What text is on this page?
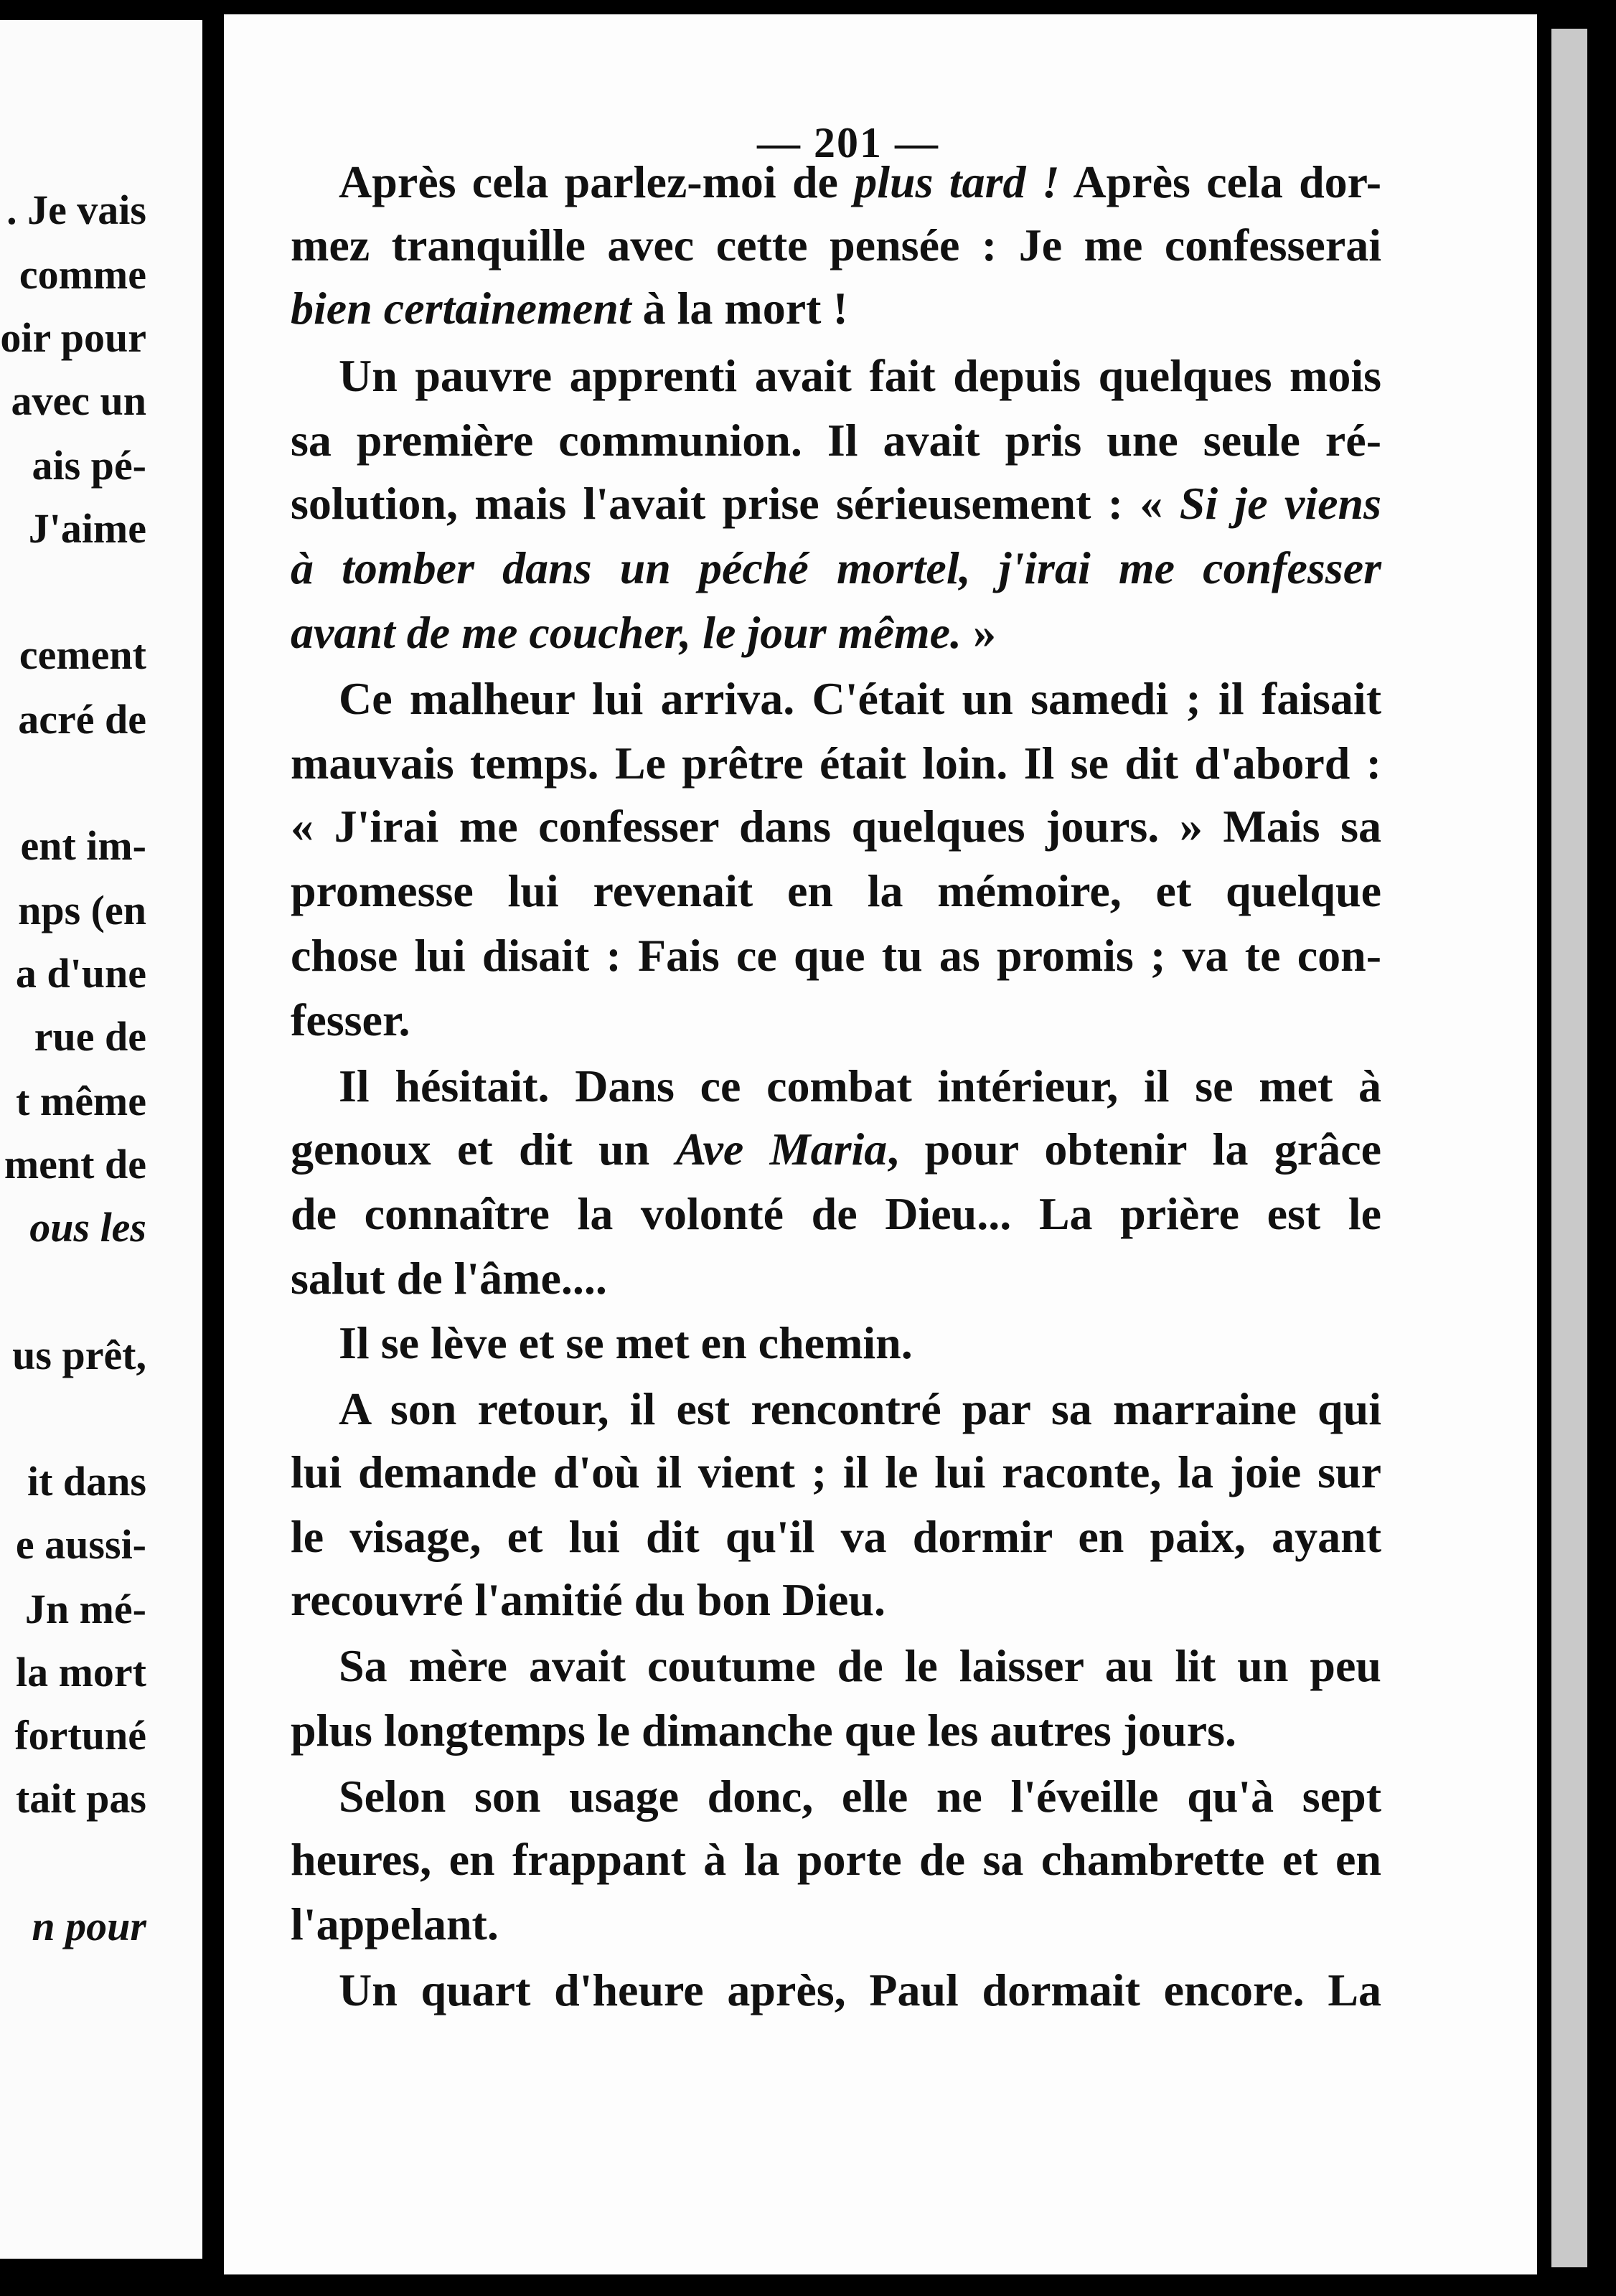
. Je vais

comme

oir pour

avec un

ais pé-

J'aime

cement

acré de

ent im-

nps (en

a d'une

rue de

t même

ment de

ous les

us prêt,

it dans

e aussi-

Jn mé-

la mort

fortuné

tait pas

n pour

— 201 —

Après cela parlez-moi de plus tard ! Après cela dor-

mez tranquille avec cette pensée : Je me confesserai

bien certainement à la mort !

Un pauvre apprenti avait fait depuis quelques mois

sa première communion. Il avait pris une seule ré-

solution, mais l'avait prise sérieusement : « Si je viens

à tomber dans un péché mortel, j'irai me confesser

avant de me coucher, le jour même. »

Ce malheur lui arriva. C'était un samedi ; il faisait

mauvais temps. Le prêtre était loin. Il se dit d'abord :

« J'irai me confesser dans quelques jours. » Mais sa

promesse lui revenait en la mémoire, et quelque

chose lui disait : Fais ce que tu as promis ; va te con-

fesser.

Il hésitait. Dans ce combat intérieur, il se met à

genoux et dit un Ave Maria, pour obtenir la grâce

de connaître la volonté de Dieu... La prière est le

salut de l'âme....

Il se lève et se met en chemin.

A son retour, il est rencontré par sa marraine qui

lui demande d'où il vient ; il le lui raconte, la joie sur

le visage, et lui dit qu'il va dormir en paix, ayant

recouvré l'amitié du bon Dieu.

Sa mère avait coutume de le laisser au lit un peu

plus longtemps le dimanche que les autres jours.

Selon son usage donc, elle ne l'éveille qu'à sept

heures, en frappant à la porte de sa chambrette et en

l'appelant.

Un quart d'heure après, Paul dormait encore. La
